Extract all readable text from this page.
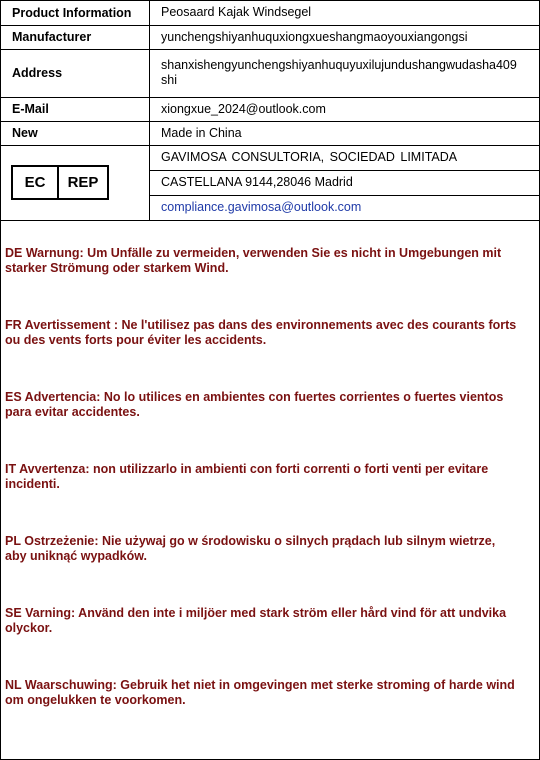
Product Information	Peosaard Kajak Windsegel
Manufacturer	yunchengshiyanhuquxiongxueshangmaoyouxiangongsi
Address	shanxishengyunchengshiyanhuquyuxilujundushangwudasha409shi
E-Mail	xiongxue_2024@outlook.com
New	Made in China

EC	REP

GAVIMOSA CONSULTORIA, SOCIEDAD LIMITADA
CASTELLANA 9144,28046 Madrid
compliance.gavimosa@outlook.com

DE Warnung: Um Unfälle zu vermeiden, verwenden Sie es nicht in Umgebungen mit starker Strömung oder starkem Wind.

FR Avertissement : Ne l'utilisez pas dans des environnements avec des courants forts ou des vents forts pour éviter les accidents.

ES Advertencia: No lo utilices en ambientes con fuertes corrientes o fuertes vientos para evitar accidentes.

IT Avvertenza: non utilizzarlo in ambienti con forti correnti o forti venti per evitare incidenti.

PL Ostrzeżenie: Nie używaj go w środowisku o silnych prądach lub silnym wietrze, aby uniknąć wypadków.

SE Varning: Använd den inte i miljöer med stark ström eller hård vind för att undvika olyckor.

NL Waarschuwing: Gebruik het niet in omgevingen met sterke stroming of harde wind om ongelukken te voorkomen.
